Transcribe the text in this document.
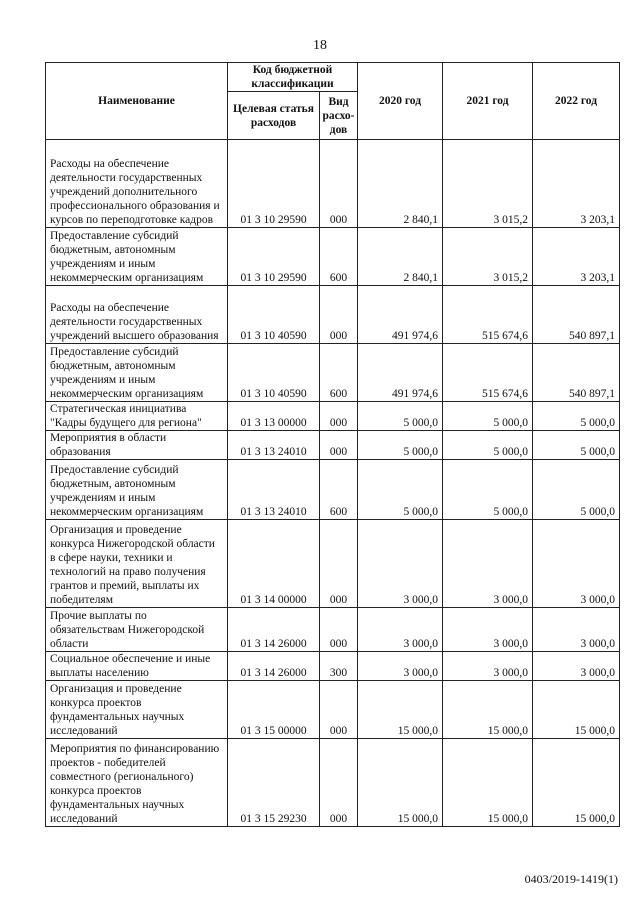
18
Наименование	Код бюджетной классификации		2020 год	2021 год	2022 год
	Целевая статья расходов	Вид расхо-дов			
Расходы на обеспечение деятельности государственных учреждений дополнительного профессионального образования и курсов по переподготовке кадров	01 3 10 29590	000	2 840,1	3 015,2	3 203,1
Предоставление субсидий бюджетным, автономным учреждениям и иным некоммерческим организациям	01 3 10 29590	600	2 840,1	3 015,2	3 203,1
Расходы на обеспечение деятельности государственных учреждений высшего образования	01 3 10 40590	000	491 974,6	515 674,6	540 897,1
Предоставление субсидий бюджетным, автономным учреждениям и иным некоммерческим организациям	01 3 10 40590	600	491 974,6	515 674,6	540 897,1
Стратегическая инициатива "Кадры будущего для региона"	01 3 13 00000	000	5 000,0	5 000,0	5 000,0
Мероприятия в области образования	01 3 13 24010	000	5 000,0	5 000,0	5 000,0
Предоставление субсидий бюджетным, автономным учреждениям и иным некоммерческим организациям	01 3 13 24010	600	5 000,0	5 000,0	5 000,0
Организация и проведение конкурса Нижегородской области в сфере науки, техники и технологий на право получения грантов и премий, выплаты их победителям	01 3 14 00000	000	3 000,0	3 000,0	3 000,0
Прочие выплаты по обязательствам Нижегородской области	01 3 14 26000	000	3 000,0	3 000,0	3 000,0
Социальное обеспечение и иные выплаты населению	01 3 14 26000	300	3 000,0	3 000,0	3 000,0
Организация и проведение конкурса проектов фундаментальных научных исследований	01 3 15 00000	000	15 000,0	15 000,0	15 000,0
Мероприятия по финансированию проектов - победителей совместного (регионального) конкурса проектов фундаментальных научных исследований	01 3 15 29230	000	15 000,0	15 000,0	15 000,0
0403/2019-1419(1)
